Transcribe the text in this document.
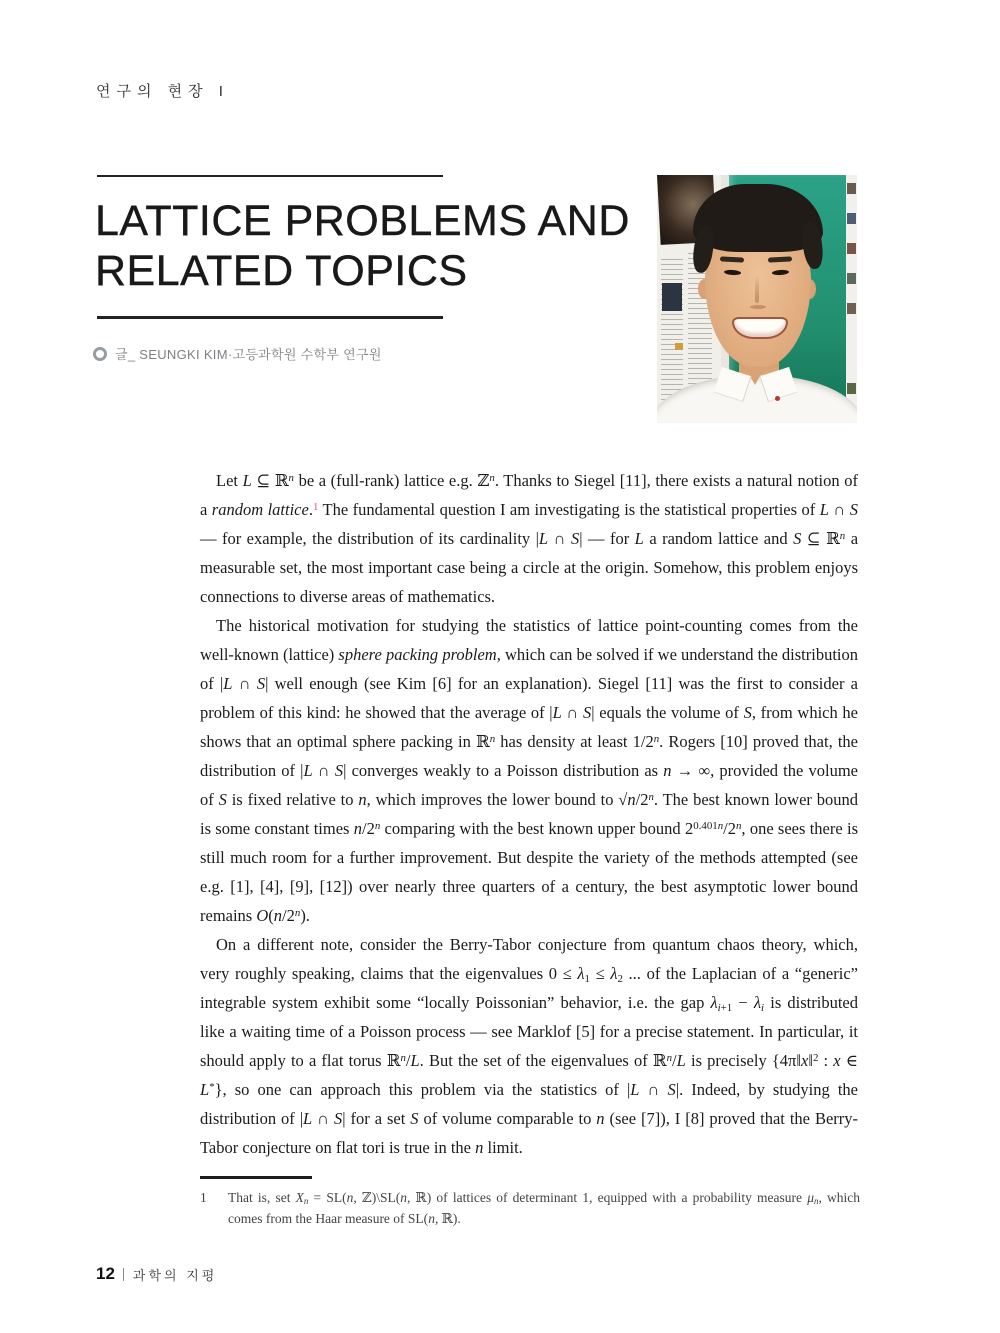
연구의 현장 I
LATTICE PROBLEMS AND
RELATED TOPICS
글_ SEUNGKI KIM·고등과학원 수학부 연구원

Let L ⊆ ℝ$^n$ be a (full-rank) lattice e.g. ℤ$^n$. Thanks to Siegel [11], there exists a natural notion of a random lattice.$^1$ The fundamental question I am investigating is the statistical properties of L ∩ S — for example, the distribution of its cardinality |L ∩ S| — for L a random lattice and S ⊆ ℝ$^n$ a measurable set, the most important case being a circle at the origin. Somehow, this problem enjoys connections to diverse areas of mathematics.

The historical motivation for studying the statistics of lattice point-counting comes from the well-known (lattice) sphere packing problem, which can be solved if we understand the distribution of |L ∩ S| well enough (see Kim [6] for an explanation). Siegel [11] was the first to consider a problem of this kind: he showed that the average of |L ∩ S| equals the volume of S, from which he shows that an optimal sphere packing in ℝ$^n$ has density at least 1/2$^n$. Rogers [10] proved that, the distribution of |L ∩ S| converges weakly to a Poisson distribution as n → ∞, provided the volume of S is fixed relative to n, which improves the lower bound to √n/2$^n$. The best known lower bound is some constant times n/2$^n$ comparing with the best known upper bound $2^{0.401n}/2^n$, one sees there is still much room for a further improvement. But despite the variety of the methods attempted (see e.g. [1], [4], [9], [12]) over nearly three quarters of a century, the best asymptotic lower bound remains O(n/2$^n$).

On a different note, consider the Berry-Tabor conjecture from quantum chaos theory, which, very roughly speaking, claims that the eigenvalues $0 \le \lambda_1 \le \lambda_2$ ... of the Laplacian of a “generic” integrable system exhibit some “locally Poissonian” behavior, i.e. the gap $\lambda_{i+1} - \lambda_i$ is distributed like a waiting time of a Poisson process — see Marklof [5] for a precise statement. In particular, it should apply to a flat torus ℝ$^n$/L. But the set of the eigenvalues of ℝ$^n$/L is precisely {4π‖x‖$^2$ : x ∈ L*}, so one can approach this problem via the statistics of |L ∩ S|. Indeed, by studying the distribution of |L ∩ S| for a set S of volume comparable to n (see [7]), I [8] proved that the Berry-Tabor conjecture on flat tori is true in the n limit.

1	That is, set $X_n = SL(n$, ℤ)\SL(n, ℝ) of lattices of determinant 1, equipped with a probability measure $\mu_n$, which comes from the Haar measure of SL(n, ℝ).
12 과학의 지평
